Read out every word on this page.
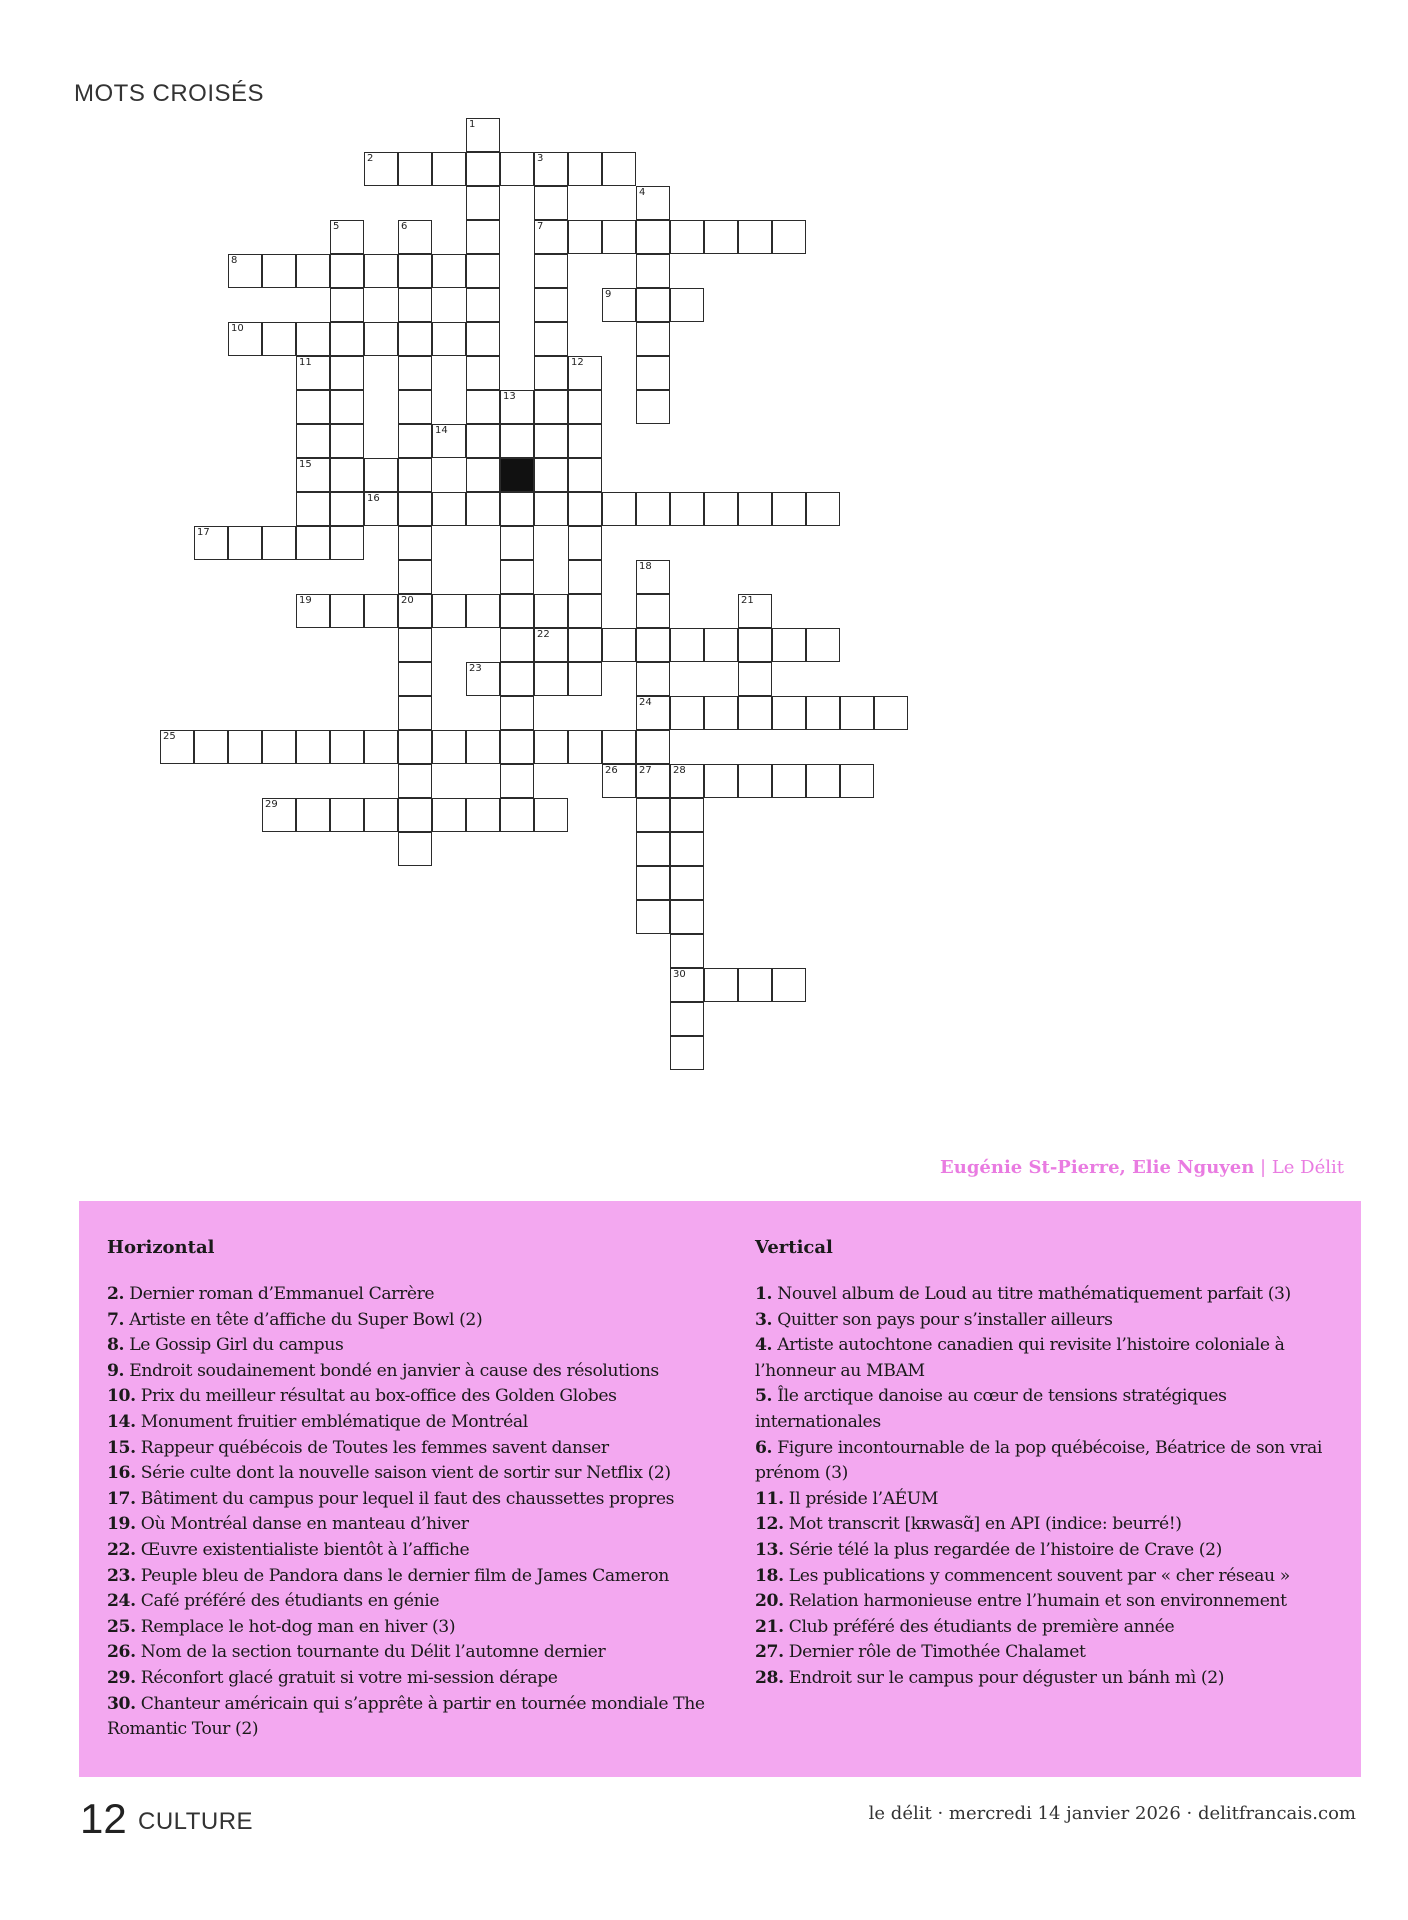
MOTS CROISÉS
2	3
7
8
9
10
14
15
16
17
19	20
22
23
24
25
26 27 28
29
30
1
4
5	6
11	12
13
18
21
Eugénie St-Pierre, Elie Nguyen | Le Délit
Horizontal
2. Dernier roman d’Emmanuel Carrère
7. Artiste en tête d’affiche du Super Bowl (2)
8. Le Gossip Girl du campus
9. Endroit soudainement bondé en janvier à cause des résolutions
10. Prix du meilleur résultat au box-office des Golden Globes
14. Monument fruitier emblématique de Montréal
15. Rappeur québécois de Toutes les femmes savent danser
16. Série culte dont la nouvelle saison vient de sortir sur Netflix (2)
17. Bâtiment du campus pour lequel il faut des chaussettes propres
19. Où Montréal danse en manteau d’hiver
22. Œuvre existentialiste bientôt à l’affiche
23. Peuple bleu de Pandora dans le dernier film de James Cameron
24. Café préféré des étudiants en génie
25. Remplace le hot-dog man en hiver (3)
26. Nom de la section tournante du Délit l’automne dernier
29. Réconfort glacé gratuit si votre mi-session dérape
30. Chanteur américain qui s’apprête à partir en tournée mondiale The Romantic Tour (2)
Vertical
1. Nouvel album de Loud au titre mathématiquement parfait (3)
3. Quitter son pays pour s’installer ailleurs
4. Artiste autochtone canadien qui revisite l’histoire coloniale à l’honneur au MBAM
5. Île arctique danoise au cœur de tensions stratégiques internationales
6. Figure incontournable de la pop québécoise, Béatrice de son vrai prénom (3)
11. Il préside l’AÉUM
12. Mot transcrit [kʀwasɑ̃] en API (indice: beurré!)
13. Série télé la plus regardée de l’histoire de Crave (2)
18. Les publications y commencent souvent par « cher réseau »
20. Relation harmonieuse entre l’humain et son environnement
21. Club préféré des étudiants de première année
27. Dernier rôle de Timothée Chalamet
28. Endroit sur le campus pour déguster un bánh mì (2)
12 CULTURE	le délit · mercredi 14 janvier 2026 · delitfrancais.com
